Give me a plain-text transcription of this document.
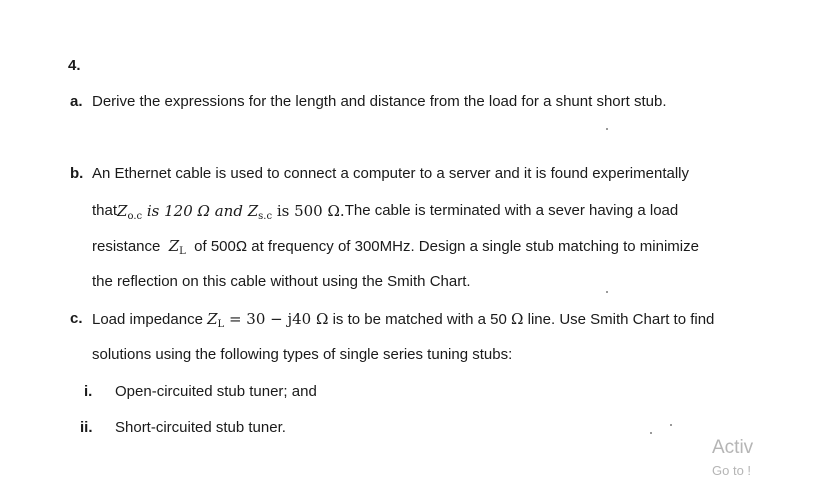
4.
a. Derive the expressions for the length and distance from the load for a shunt short stub.
b. An Ethernet cable is used to connect a computer to a server and it is found experimentally
that $Z_{o.c}$ is 120 Ω and $Z_{s.c}$ is 500 Ω. The cable is terminated with a sever having a load
resistance $Z_L$ of 500Ω at frequency of 300MHz. Design a single stub matching to minimize
the reflection on this cable without using the Smith Chart.
c. Load impedance $Z_L = 30 - j40$ Ω is to be matched with a 50 Ω line. Use Smith Chart to find
solutions using the following types of single series tuning stubs:
i. Open-circuited stub tuner; and
ii. Short-circuited stub tuner.
Activ
Go to !
